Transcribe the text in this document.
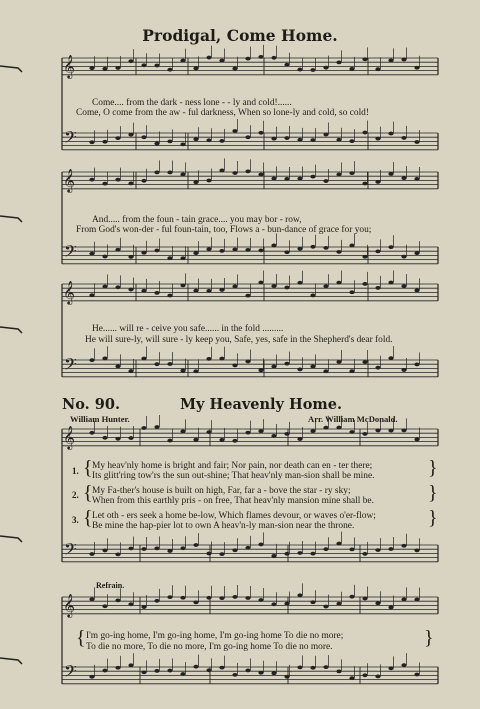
𝄞
𝄢
𝄞
𝄢
𝄞
𝄢
𝄞
𝄢
𝄞
𝄢
Prodigal, Come Home.
Come.... from the dark - ness lone - - ly and cold!......
Come, O come from the aw - ful darkness, When so lone-ly and cold, so cold!
And..... from the foun - tain grace.... you may bor - row,
From God's won-der - ful foun-tain, too, Flows a - bun-dance of grace for you;
He...... will re - ceive you safe...... in the fold .........
He will sure-ly, will sure - ly keep you, Safe, yes, safe in the Shepherd's dear fold.
No. 90.	My Heavenly Home.
William Hunter.	Arr. William McDonald.
1. { My heav'nly home is bright and fair; Nor pain, nor death can en - ter there;
Its glitt'ring tow'rs the sun out-shine; That heav'nly man-sion shall be mine.	}
2. { My Fa-ther's house is built on high, Far, far a - bove the star - ry sky;
When from this earthly pris - on free, That heav'nly mansion mine shall be.	}
3. { Let oth - ers seek a home be-low, Which flames devour, or waves o'er-flow;
Be mine the hap-pier lot to own A heav'n-ly man-sion near the throne.	}
Refrain.
{ I'm go-ing home, I'm go-ing home, I'm go-ing home To die no more;
To die no more, To die no more, I'm go-ing home To die no more.	}
